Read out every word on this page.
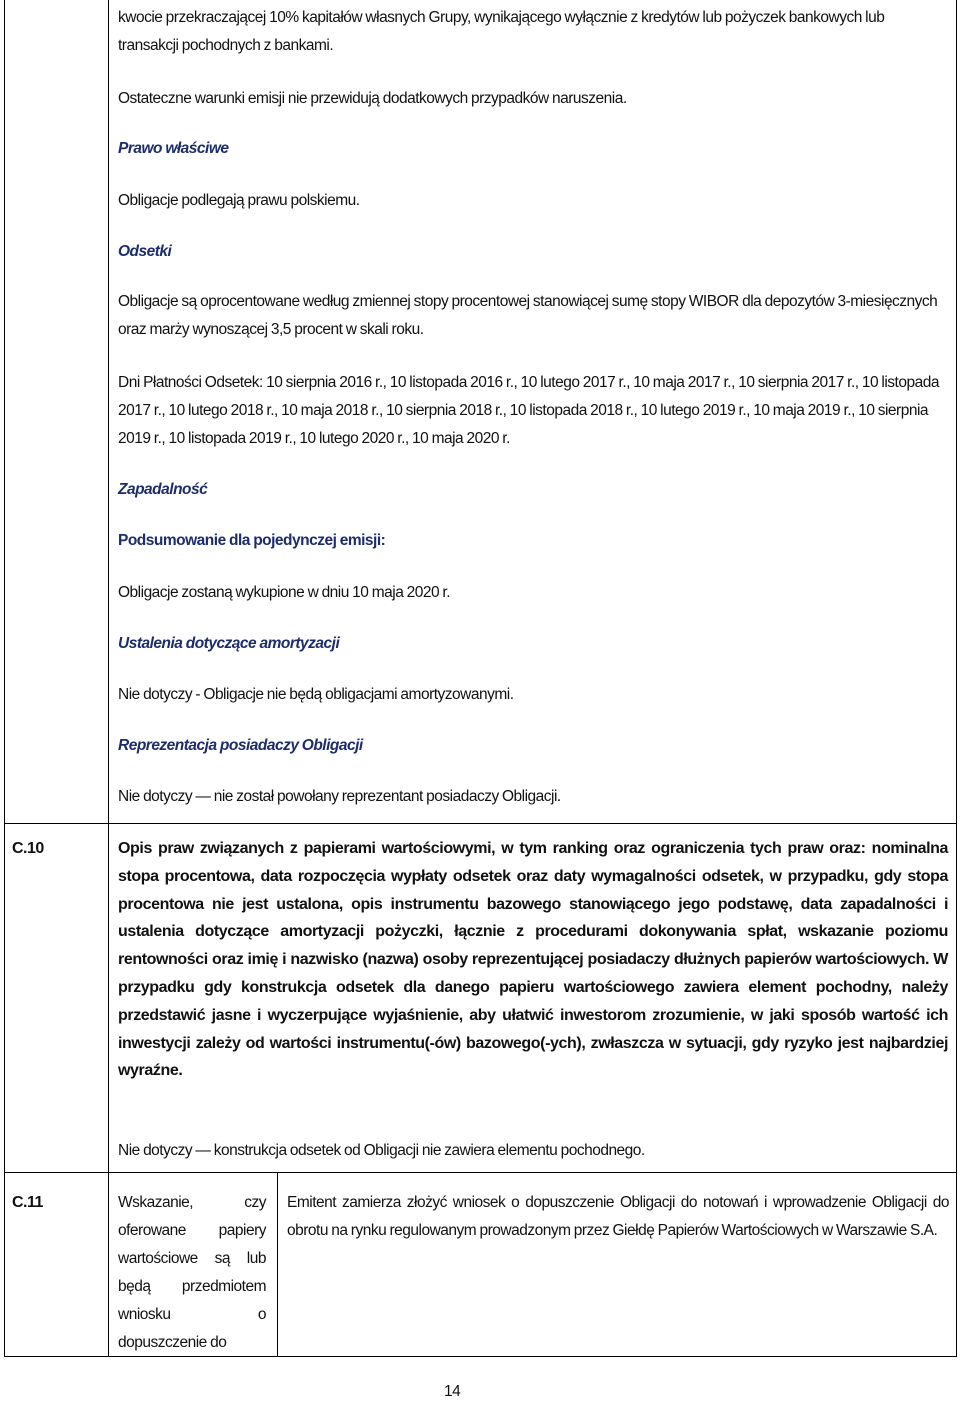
kwocie przekraczającej 10% kapitałów własnych Grupy, wynikającego wyłącznie z kredytów lub pożyczek bankowych lub transakcji pochodnych z bankami.

Ostateczne warunki emisji nie przewidują dodatkowych przypadków naruszenia.

Prawo właściwe

Obligacje podlegają prawu polskiemu.

Odsetki

Obligacje są oprocentowane według zmiennej stopy procentowej stanowiącej sumę stopy WIBOR dla depozytów 3-miesięcznych oraz marży wynoszącej 3,5 procent w skali roku.

Dni Płatności Odsetek: 10 sierpnia 2016 r., 10 listopada 2016 r., 10 lutego 2017 r., 10 maja 2017 r., 10 sierpnia 2017 r., 10 listopada 2017 r., 10 lutego 2018 r., 10 maja 2018 r., 10 sierpnia 2018 r., 10 listopada 2018 r., 10 lutego 2019 r., 10 maja 2019 r., 10 sierpnia 2019 r., 10 listopada 2019 r., 10 lutego 2020 r., 10 maja 2020 r.

Zapadalność

Podsumowanie dla pojedynczej emisji:

Obligacje zostaną wykupione w dniu 10 maja 2020 r.

Ustalenia dotyczące amortyzacji

Nie dotyczy - Obligacje nie będą obligacjami amortyzowanymi.

Reprezentacja posiadaczy Obligacji

Nie dotyczy — nie został powołany reprezentant posiadaczy Obligacji.

C.10	Opis praw związanych z papierami wartościowymi, w tym ranking oraz ograniczenia tych praw oraz: nominalna stopa procentowa, data rozpoczęcia wypłaty odsetek oraz daty wymagalności odsetek, w przypadku, gdy stopa procentowa nie jest ustalona, opis instrumentu bazowego stanowiącego jego podstawę, data zapadalności i ustalenia dotyczące amortyzacji pożyczki, łącznie z procedurami dokonywania spłat, wskazanie poziomu rentowności oraz imię i nazwisko (nazwa) osoby reprezentującej posiadaczy dłużnych papierów wartościowych. W przypadku gdy konstrukcja odsetek dla danego papieru wartościowego zawiera element pochodny, należy przedstawić jasne i wyczerpujące wyjaśnienie, aby ułatwić inwestorom zrozumienie, w jaki sposób wartość ich inwestycji zależy od wartości instrumentu(-ów) bazowego(-ych), zwłaszcza w sytuacji, gdy ryzyko jest najbardziej wyraźne.

Nie dotyczy — konstrukcja odsetek od Obligacji nie zawiera elementu pochodnego.

C.11	Wskazanie, czy oferowane papiery wartościowe są lub będą przedmiotem wniosku o dopuszczenie do

Emitent zamierza złożyć wniosek o dopuszczenie Obligacji do notowań i wprowadzenie Obligacji do obrotu na rynku regulowanym prowadzonym przez Giełdę Papierów Wartościowych w Warszawie S.A.

14
